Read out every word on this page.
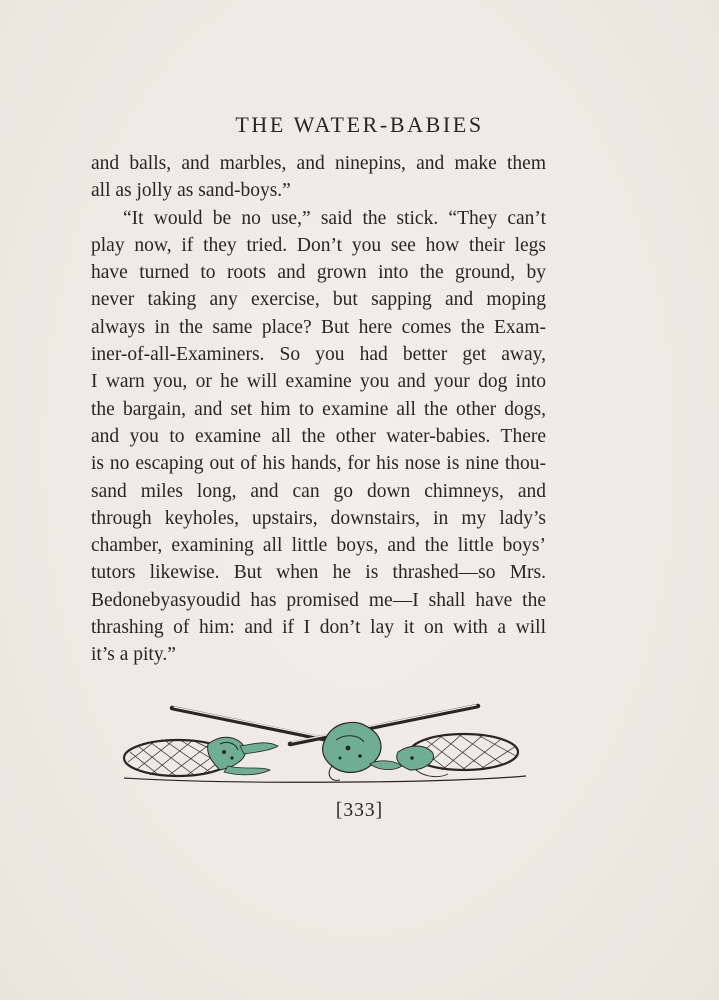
THE WATER-BABIES
and balls, and marbles, and ninepins, and make them
all as jolly as sand-boys.”
“It would be no use,” said the stick. “They can’t
play now, if they tried. Don’t you see how their legs
have turned to roots and grown into the ground, by
never taking any exercise, but sapping and moping
always in the same place? But here comes the Exam-
iner-of-all-Examiners. So you had better get away,
I warn you, or he will examine you and your dog into
the bargain, and set him to examine all the other dogs,
and you to examine all the other water-babies. There
is no escaping out of his hands, for his nose is nine thou-
sand miles long, and can go down chimneys, and
through keyholes, upstairs, downstairs, in my lady’s
chamber, examining all little boys, and the little boys’
tutors likewise. But when he is thrashed—so Mrs.
Bedonebyasyoudid has promised me—I shall have the
thrashing of him: and if I don’t lay it on with a will
it’s a pity.”
[333]
